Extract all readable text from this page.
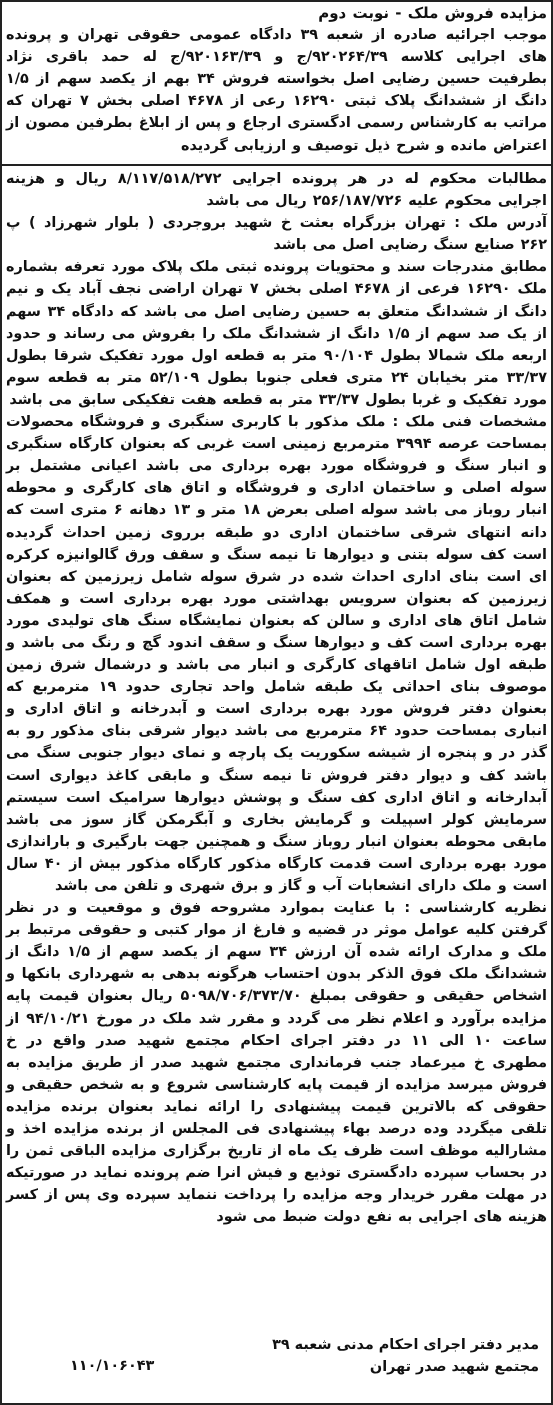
مزایده فروش ملک - نوبت دوم

موجب اجرائیه صادره از شعبه ۳۹ دادگاه عمومی حقوقی تهران و پرونده های اجرایی کلاسه ۹۲۰۲۶۴/۳۹/ج و ۹۲۰۱۶۳/۳۹/ج له حمد باقری نژاد بطرفیت حسین رضایی اصل بخواسته فروش ۳۴ بهم از یکصد سهم از ۱/۵ دانگ از ششدانگ پلاک ثبتی ۱۶۲۹۰ رعی از ۴۶۷۸ اصلی بخش ۷ تهران که مراتب به کارشناس رسمی ادگستری ارجاع و پس از ابلاغ بطرفین مصون از اعتراض مانده و شرح ذیل توصیف و ارزیابی گردیده

مطالبات محکوم له در هر پرونده اجرایی ۸/۱۱۷/۵۱۸/۲۷۲ ریال و هزینه اجرایی محکوم علیه ۲۵۶/۱۸۷/۷۲۶ ریال می باشد

آدرس ملک : تهران بزرگراه بعثت خ شهید بروجردی ( بلوار شهرزاد ) پ ۲۶۲ صنایع سنگ رضایی اصل می باشد

مطابق مندرجات سند و محتویات پرونده ثبتی ملک پلاک مورد تعرفه بشماره ملک ۱۶۲۹۰ فرعی از ۴۶۷۸ اصلی بخش ۷ تهران اراضی نجف آباد یک و نیم دانگ از ششدانگ متعلق به حسین رضایی اصل می باشد که دادگاه ۳۴ سهم از یک صد سهم از ۱/۵ دانگ از ششدانگ ملک را بفروش می رساند و حدود اربعه ملک شمالا بطول ۹۰/۱۰۴ متر به قطعه اول مورد تفکیک شرقا بطول ۳۳/۳۷ متر بخیابان ۲۴ متری فعلی جنوبا بطول ۵۲/۱۰۹ متر به قطعه سوم مورد تفکیک و غربا بطول ۳۳/۳۷ متر به قطعه هفت تفکیکی سابق می باشد

مشخصات فنی ملک : ملک مذکور با کاربری سنگبری و فروشگاه محصولات بمساحت عرصه ۳۹۹۴ مترمربع زمینی است غربی که بعنوان کارگاه سنگبری و انبار سنگ و فروشگاه مورد بهره برداری می باشد اعیانی مشتمل بر سوله اصلی و ساختمان اداری و فروشگاه و اتاق های کارگری و محوطه انبار روباز می باشد سوله اصلی بعرض ۱۸ متر و ۱۳ دهانه ۶ متری است که دانه انتهای شرقی ساختمان اداری دو طبقه برروی زمین احداث گردیده است کف سوله بتنی و دیوارها تا نیمه سنگ و سقف ورق گالوانیزه کرکره ای است بنای اداری احداث شده در شرق سوله شامل زیرزمین که بعنوان زیرزمین که بعنوان سرویس بهداشتی مورد بهره برداری است و همکف شامل اتاق های اداری و سالن که بعنوان نمایشگاه سنگ های تولیدی مورد بهره برداری است کف و دیوارها سنگ و سقف اندود گچ و رنگ می باشد و طبقه اول شامل اتاقهای کارگری و انبار می باشد و درشمال شرق زمین موصوف بنای احداثی یک طبقه شامل واحد تجاری حدود ۱۹ مترمربع که بعنوان دفتر فروش مورد بهره برداری است و آبدرخانه و اتاق اداری و انباری بمساحت حدود ۶۴ مترمربع می باشد دیوار شرقی بنای مذکور رو به گذر در و پنجره از شیشه سکوریت یک پارچه و نمای دیوار جنوبی سنگ می باشد کف و دیوار دفتر فروش تا نیمه سنگ و مابقی کاغذ دیواری است آبدارخانه و اتاق اداری کف سنگ و پوشش دیوارها سرامیک است سیستم سرمایش کولر اسپیلت و گرمایش بخاری و آبگرمکن گاز سوز می باشد مابقی محوطه بعنوان انبار روباز سنگ و همچنین جهت بارگیری و باراندازی مورد بهره برداری است قدمت کارگاه مذکور کارگاه مذکور بیش از ۴۰ سال است و ملک دارای انشعابات آب و گاز و برق شهری و تلفن می باشد

نظریه کارشناسی : با عنایت بموارد مشروحه فوق و موقعیت و در نظر گرفتن کلیه عوامل موثر در قضیه و فارغ از موار کتبی و حقوقی مرتبط بر ملک و مدارک ارائه شده آن ارزش ۳۴ سهم از یکصد سهم از ۱/۵ دانگ از ششدانگ ملک فوق الذکر بدون احتساب هرگونه بدهی به شهرداری بانکها و اشخاص حقیقی و حقوقی بمبلغ ۵۰۹۸/۷۰۶/۳۷۳/۷۰ ریال بعنوان قیمت پایه مزایده برآورد و اعلام نظر می گردد و مقرر شد ملک در مورخ ۹۴/۱۰/۲۱ از ساعت ۱۰ الی ۱۱ در دفتر اجرای احکام مجتمع شهید صدر واقع در خ مطهری خ میرعماد جنب فرمانداری مجتمع شهید صدر از طریق مزایده به فروش میرسد مزایده از قیمت پایه کارشناسی شروع و به شخص حقیقی و حقوقی که بالاترین قیمت پیشنهادی را ارائه نماید بعنوان برنده مزایده تلقی میگردد وده درصد بهاء پیشنهادی فی المجلس از برنده مزایده اخذ و مشارالیه موظف است ظرف یک ماه از تاریخ برگزاری مزایده الباقی ثمن را در بحساب سپرده دادگستری توذیع و فیش انرا ضم پرونده نماید در صورتیکه در مهلت مقرر خریدار وجه مزایده را پرداخت ننماید سپرده وی پس از کسر هزینه های اجرایی به نفع دولت ضبط می شود

مدیر دفتر اجرای احکام مدنی شعبه ۳۹
مجتمع شهید صدر تهران
۱۱۰/۱۰۶۰۴۳
